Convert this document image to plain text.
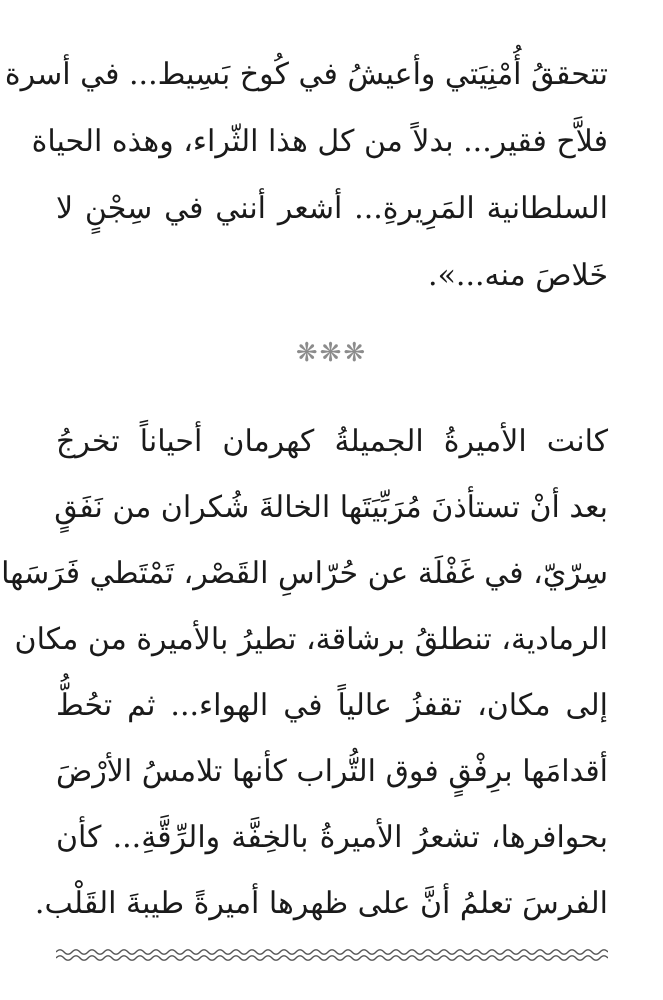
تتحققُ أُمْنِيَتي وأعيشُ في كُوخ بَسِيط... في أسرة
فلاَّح فقير... بدلاً من كل هذا الثّراء، وهذه الحياة
السلطانية المَرِيرةِ... أشعر أنني في سِجْنٍ لا
خَلاصَ منه...».
❋❋❋
كانت الأميرةُ الجميلةُ كهرمان أحياناً تخرجُ
بعد أنْ تستأذنَ مُرَبِّيَتَها الخالةَ شُكران من نَفَقٍ
سِرّيّ، في غَفْلَة عن حُرّاسِ القَصْر، تَمْتَطي فَرَسَها
الرمادية، تنطلقُ برشاقة، تطيرُ بالأميرة من مكان
إلى مكان، تقفزُ عالياً في الهواء... ثم تحُطُّ
أقدامَها برِفْقٍ فوق التُّراب كأنها تلامسُ الأرْضَ
بحوافرها، تشعرُ الأميرةُ بالخِفَّة والرِّقَّةِ... كأن
الفرسَ تعلمُ أنَّ على ظهرها أميرةً طيبةَ القَلْب.
